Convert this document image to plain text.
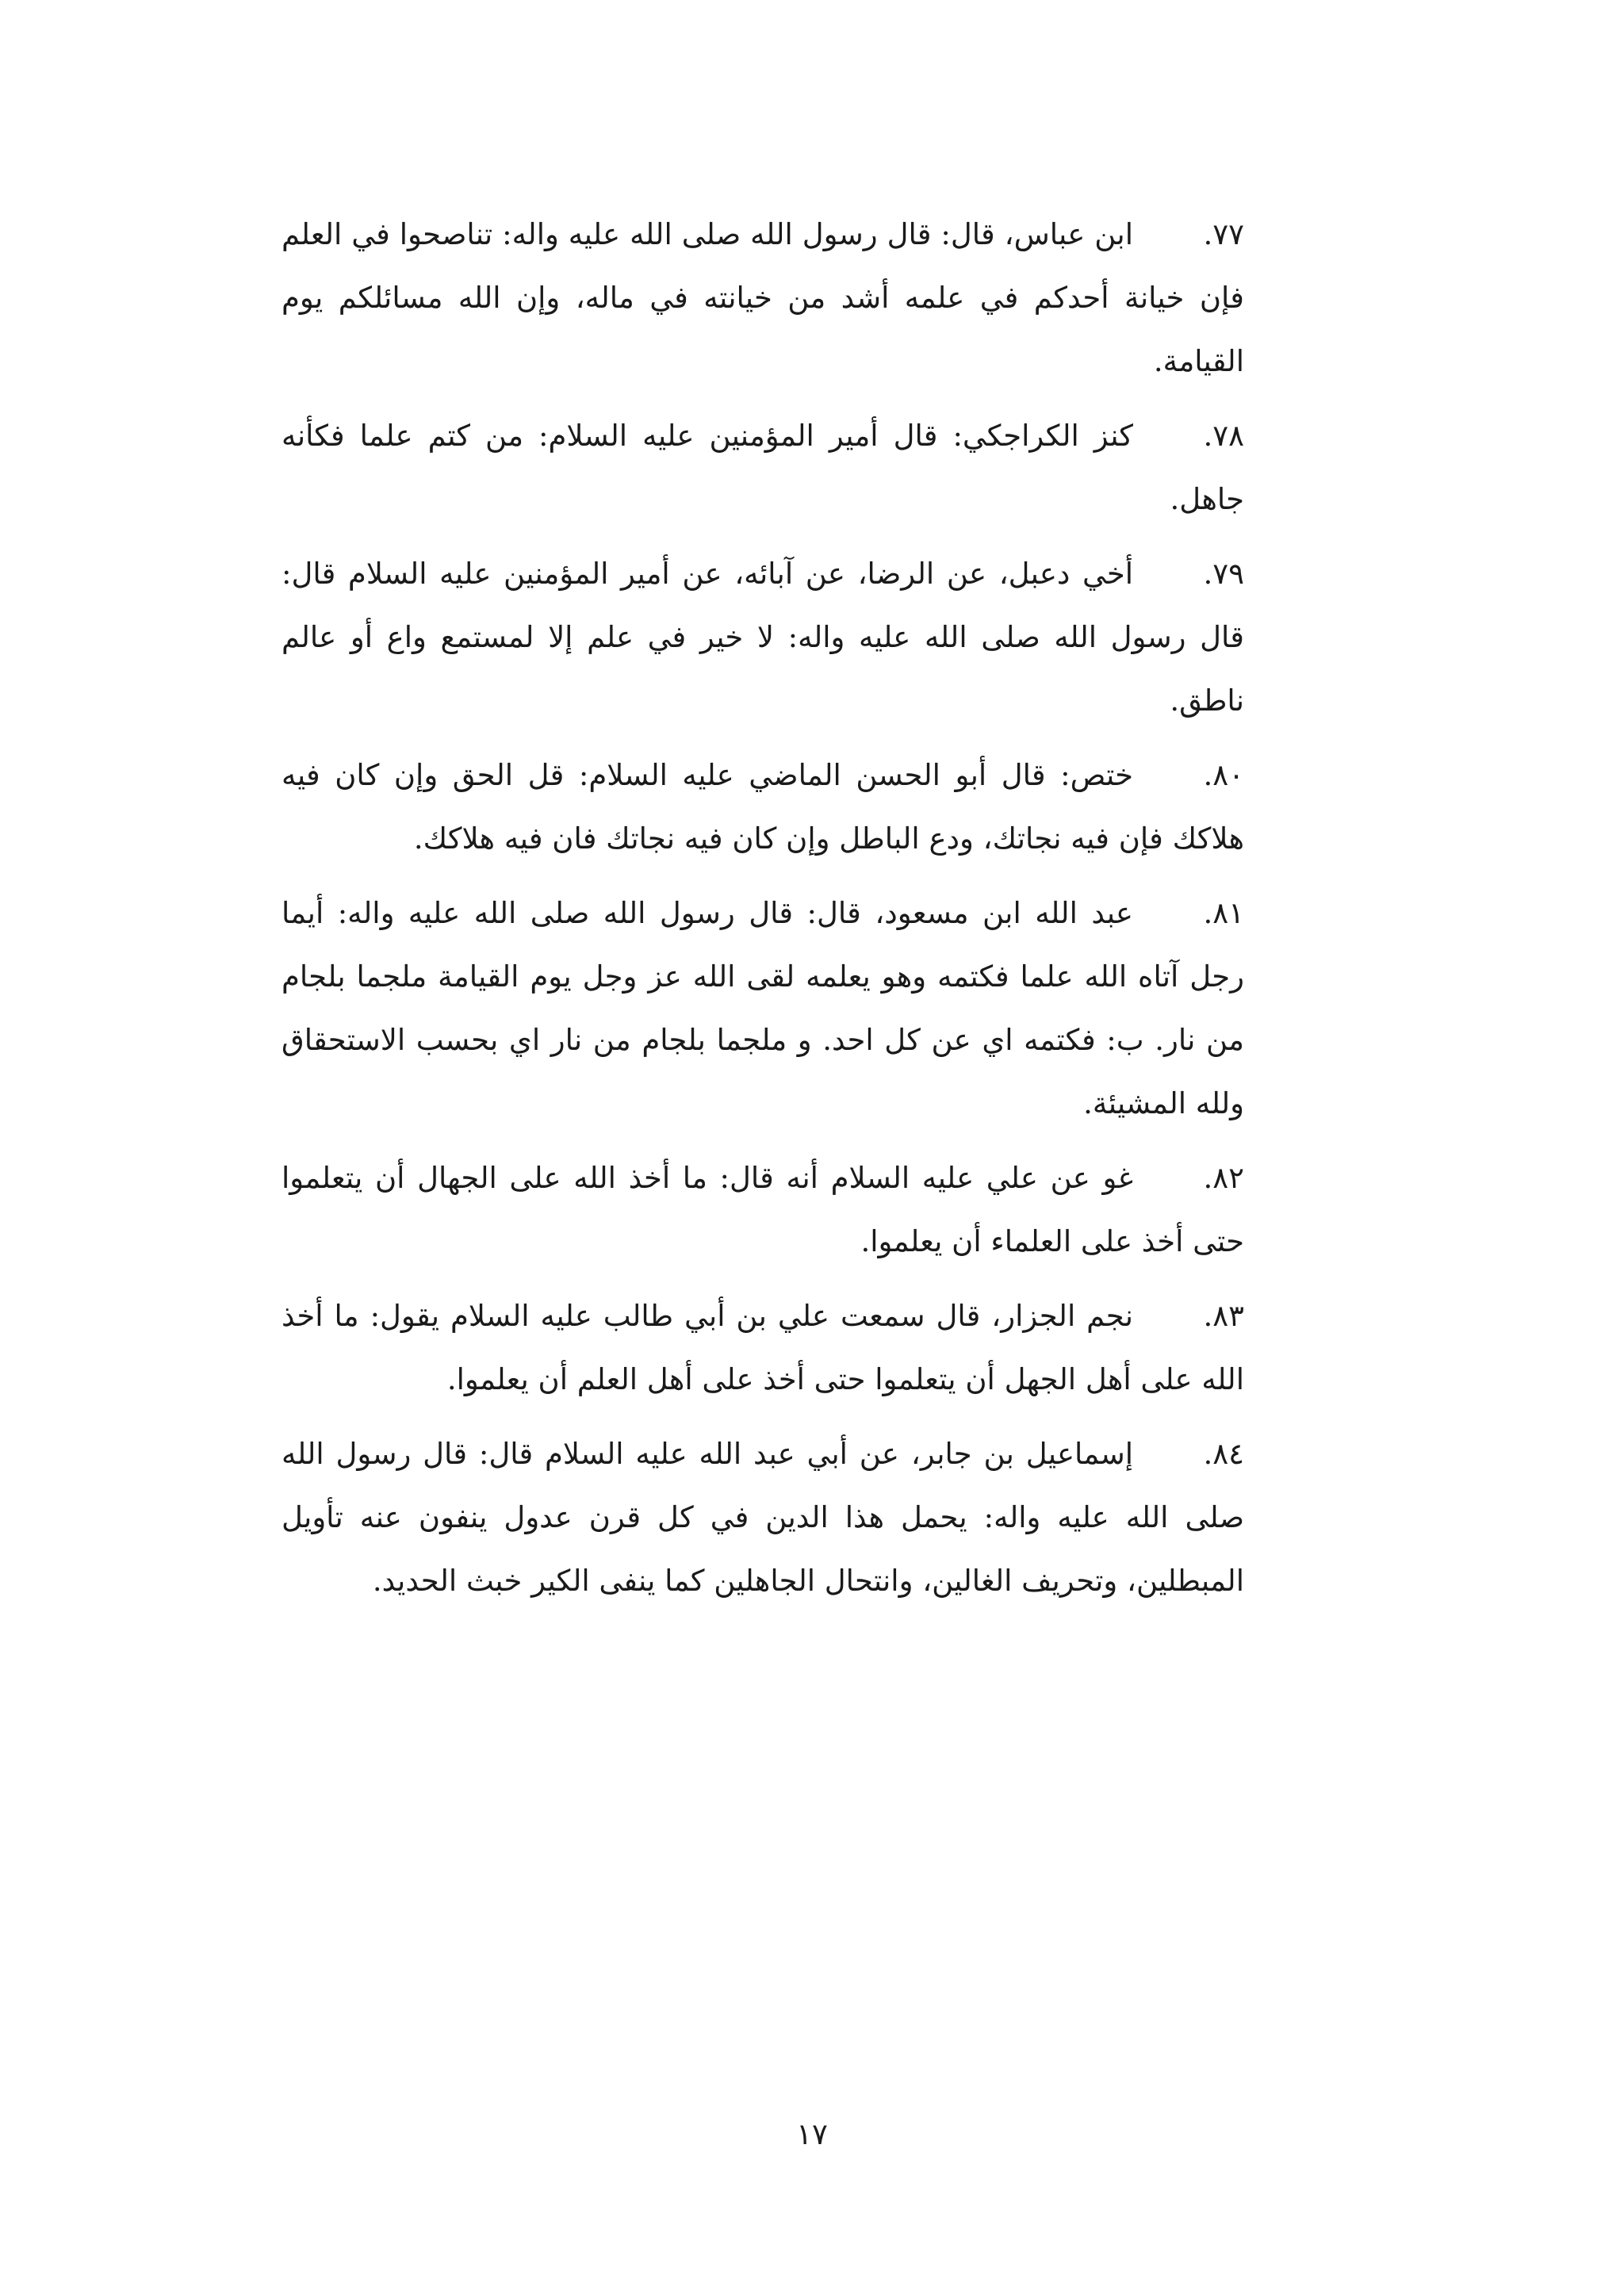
٧٧.

ابن عباس، قال: قال رسول الله صلى الله عليه واله: تناصحوا في العلم فإن خيانة أحدكم في علمه أشد من خيانته في ماله، وإن الله مسائلكم يوم القيامة.

٧٨.

كنز الكراجكي: قال أمير المؤمنين عليه السلام: من كتم علما فكأنه جاهل.

٧٩.

أخي دعبل، عن الرضا، عن آبائه، عن أمير المؤمنين عليه السلام قال: قال رسول الله صلى الله عليه واله: لا خير في علم إلا لمستمع واع أو عالم ناطق.

٨٠.

ختص: قال أبو الحسن الماضي عليه السلام: قل الحق وإن كان فيه هلاكك فإن فيه نجاتك، ودع الباطل وإن كان فيه نجاتك فان فيه هلاكك.

٨١.

عبد الله ابن مسعود، قال: قال رسول الله صلى الله عليه واله: أيما رجل آتاه الله علما فكتمه وهو يعلمه لقى الله عز وجل يوم القيامة ملجما بلجام من نار. ب: فكتمه اي عن كل احد. و ملجما بلجام من نار اي بحسب الاستحقاق ولله المشيئة.

٨٢.

غو عن علي عليه السلام أنه قال: ما أخذ الله على الجهال أن يتعلموا حتى أخذ على العلماء أن يعلموا.

٨٣.

نجم الجزار، قال سمعت علي بن أبي طالب عليه السلام يقول: ما أخذ الله على أهل الجهل أن يتعلموا حتى أخذ على أهل العلم أن يعلموا.

٨٤.

إسماعيل بن جابر، عن أبي عبد الله عليه السلام قال: قال رسول الله صلى الله عليه واله: يحمل هذا الدين في كل قرن عدول ينفون عنه تأويل المبطلين، وتحريف الغالين، وانتحال الجاهلين كما ينفى الكير خبث الحديد.

١٧
